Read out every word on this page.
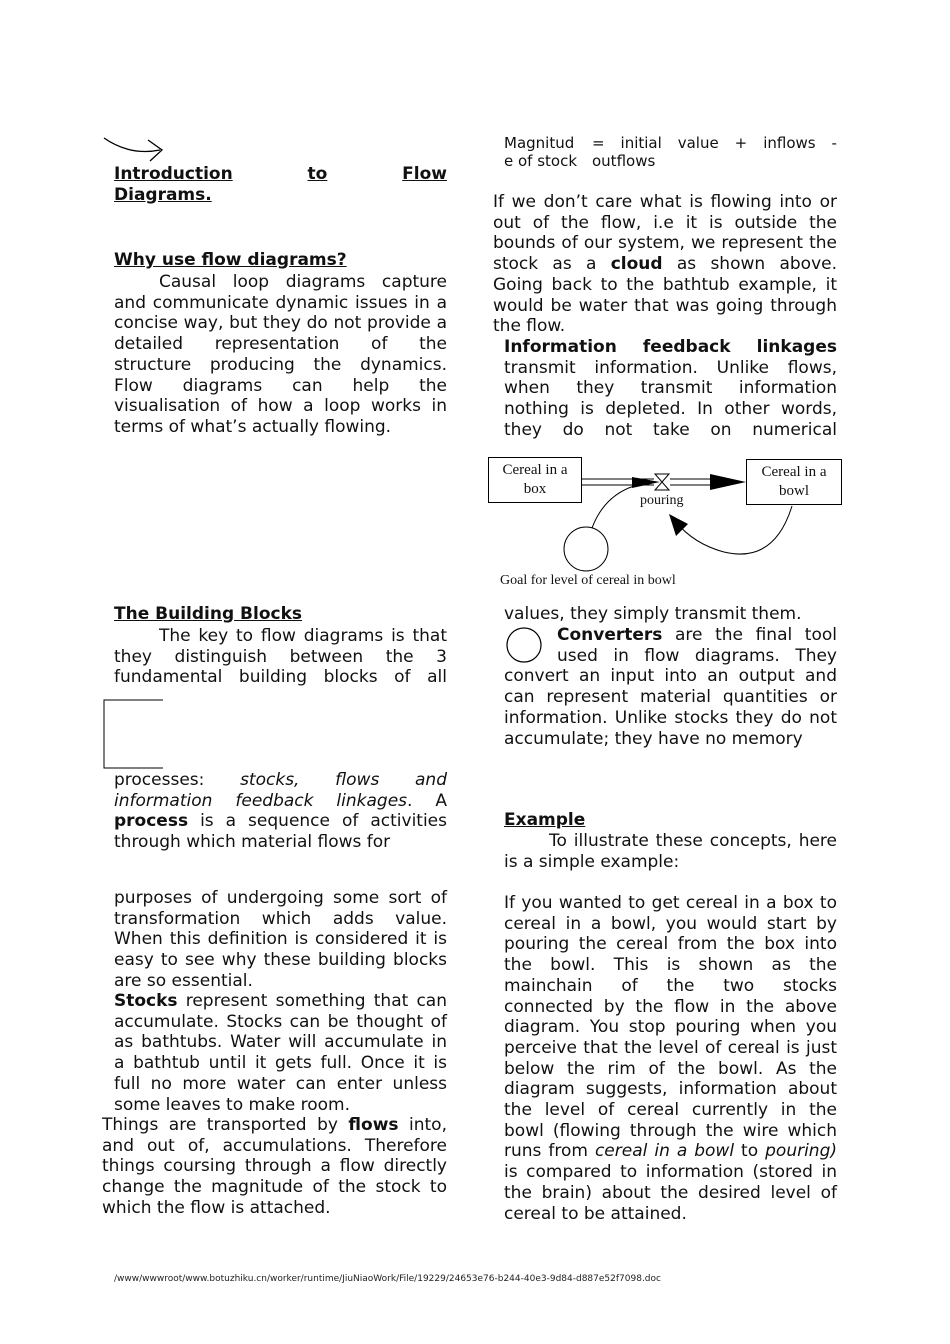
Introduction	to	Flow
Diagrams.
Why use flow diagrams?
Causal loop diagrams capture and communicate dynamic issues in a concise way, but they do not provide a detailed representation of the structure producing the dynamics. Flow diagrams can help the visualisation of how a loop works in terms of what’s actually flowing.
The Building Blocks
The key to flow diagrams is that they distinguish between the 3 fundamental building blocks of all
processes: stocks, flows and information feedback linkages. A process is a sequence of activities through which material flows for
purposes of undergoing some sort of transformation which adds value. When this definition is considered it is easy to see why these building blocks are so essential.
Stocks represent something that can accumulate. Stocks can be thought of as bathtubs. Water will accumulate in a bathtub until it gets full. Once it is full no more water can enter unless some leaves to make room.
Things are transported by flows into, and out of, accumulations. Therefore things coursing through a flow directly change the magnitude of the stock to which the flow is attached.
Magnitud
e of stock
= initial value + inflows -
outflows
If we don’t care what is flowing into or out of the flow, i.e it is outside the bounds of our system, we represent the stock as a cloud as shown above. Going back to the bathtub example, it would be water that was going through the flow.
Information feedback linkages transmit information. Unlike flows, when they transmit information nothing is depleted. In other words, they do not take on numerical
Cereal in a box
Cereal in a bowl
pouring
Goal for level of cereal in bowl
values, they simply transmit them.
Converters are the final tool used in flow diagrams. They convert an input into an output and can represent material quantities or information. Unlike stocks they do not accumulate; they have no memory
Example
To illustrate these concepts, here is a simple example:
If you wanted to get cereal in a box to cereal in a bowl, you would start by pouring the cereal from the box into the bowl. This is shown as the mainchain of the two stocks connected by the flow in the above diagram. You stop pouring when you perceive that the level of cereal is just below the rim of the bowl. As the diagram suggests, information about the level of cereal currently in the bowl (flowing through the wire which runs from cereal in a bowl to pouring) is compared to information (stored in the brain) about the desired level of cereal to be attained.
/www/wwwroot/www.botuzhiku.cn/worker/runtime/JiuNiaoWork/File/19229/24653e76-b244-40e3-9d84-d887e52f7098.doc
